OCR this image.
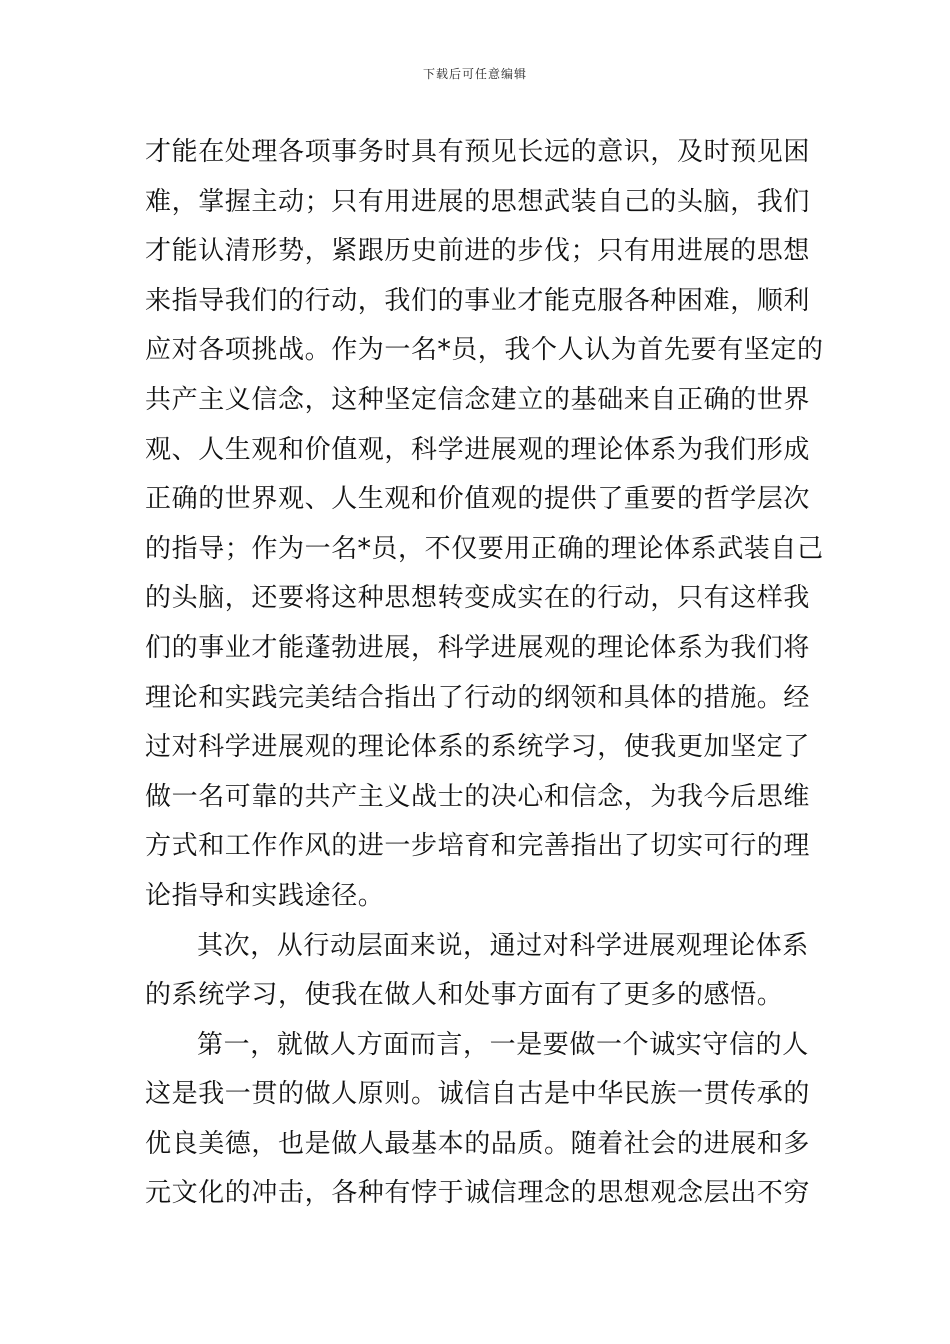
下载后可任意编辑
才能在处理各项事务时具有预见长远的意识，及时预见困
难，掌握主动；只有用进展的思想武装自己的头脑，我们
才能认清形势，紧跟历史前进的步伐；只有用进展的思想
来指导我们的行动，我们的事业才能克服各种困难，顺利
应对各项挑战。作为一名*员，我个人认为首先要有坚定的
共产主义信念，这种坚定信念建立的基础来自正确的世界
观、人生观和价值观，科学进展观的理论体系为我们形成
正确的世界观、人生观和价值观的提供了重要的哲学层次
的指导；作为一名*员，不仅要用正确的理论体系武装自己
的头脑，还要将这种思想转变成实在的行动，只有这样我
们的事业才能蓬勃进展，科学进展观的理论体系为我们将
理论和实践完美结合指出了行动的纲领和具体的措施。经
过对科学进展观的理论体系的系统学习，使我更加坚定了
做一名可靠的共产主义战士的决心和信念，为我今后思维
方式和工作作风的进一步培育和完善指出了切实可行的理
论指导和实践途径。
其次，从行动层面来说，通过对科学进展观理论体系
的系统学习，使我在做人和处事方面有了更多的感悟。
第一，就做人方面而言，一是要做一个诚实守信的人
这是我一贯的做人原则。诚信自古是中华民族一贯传承的
优良美德，也是做人最基本的品质。随着社会的进展和多
元文化的冲击，各种有悖于诚信理念的思想观念层出不穷
